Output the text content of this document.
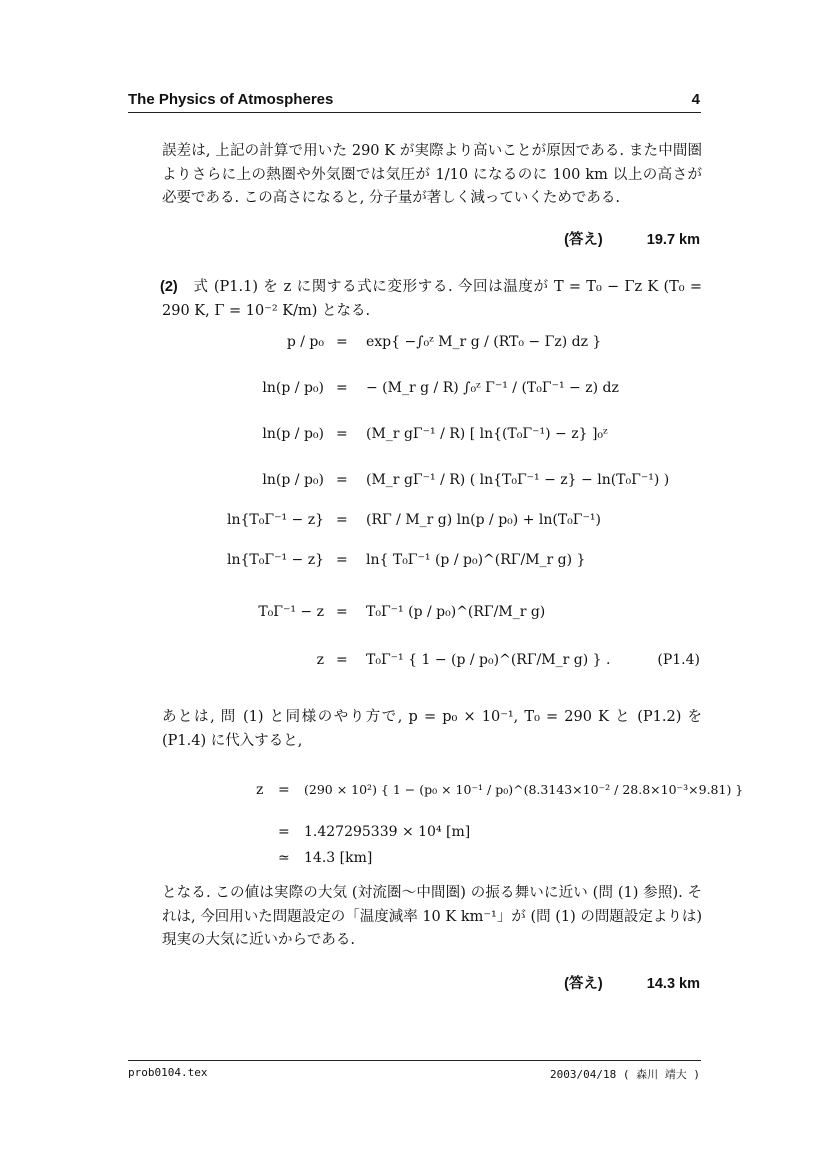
The Physics of Atmospheres	4
誤差は, 上記の計算で用いた 290 K が実際より高いことが原因である. また中間圏よりさらに上の熱圏や外気圏では気圧が 1/10 になるのに 100 km 以上の高さが必要である. この高さになると, 分子量が著しく減っていくためである.
(答え)	19.7 km
(2) 式 (P1.1) を z に関する式に変形する. 今回は温度が T = T₀ − Γz K (T₀ = 290 K, Γ = 10⁻² K/m) となる.
p / p₀ = exp{ −∫₀ᶻ M_r g / (RT₀ − Γz) dz }
ln(p / p₀) = − (M_r g / R) ∫₀ᶻ Γ⁻¹ / (T₀Γ⁻¹ − z) dz
ln(p / p₀) = (M_r gΓ⁻¹ / R) [ ln{(T₀Γ⁻¹) − z} ]₀ᶻ
ln(p / p₀) = (M_r gΓ⁻¹ / R) ( ln{T₀Γ⁻¹ − z} − ln(T₀Γ⁻¹) )
ln{T₀Γ⁻¹ − z} = (RΓ / M_r g) ln(p / p₀) + ln(T₀Γ⁻¹)
ln{T₀Γ⁻¹ − z} = ln{ T₀Γ⁻¹ (p / p₀)^(RΓ/M_r g) }
T₀Γ⁻¹ − z = T₀Γ⁻¹ (p / p₀)^(RΓ/M_r g)
z = T₀Γ⁻¹ { 1 − (p / p₀)^(RΓ/M_r g) } .	(P1.4)
あとは, 問 (1) と同様のやり方で, p = p₀ × 10⁻¹, T₀ = 290 K と (P1.2) を (P1.4) に代入すると,
z = (290 × 10²) { 1 − (p₀ × 10⁻¹ / p₀)^(8.3143×10⁻² / 28.8×10⁻³×9.81) }
= 1.427295339 × 10⁴ [m]
≃ 14.3 [km]
となる. この値は実際の大気 (対流圏〜中間圏) の振る舞いに近い (問 (1) 参照). それは, 今回用いた問題設定の「温度減率 10 K km⁻¹」が (問 (1) の問題設定よりは) 現実の大気に近いからである.
(答え)	14.3 km
prob0104.tex	2003/04/18 ( 森川 靖大 )
